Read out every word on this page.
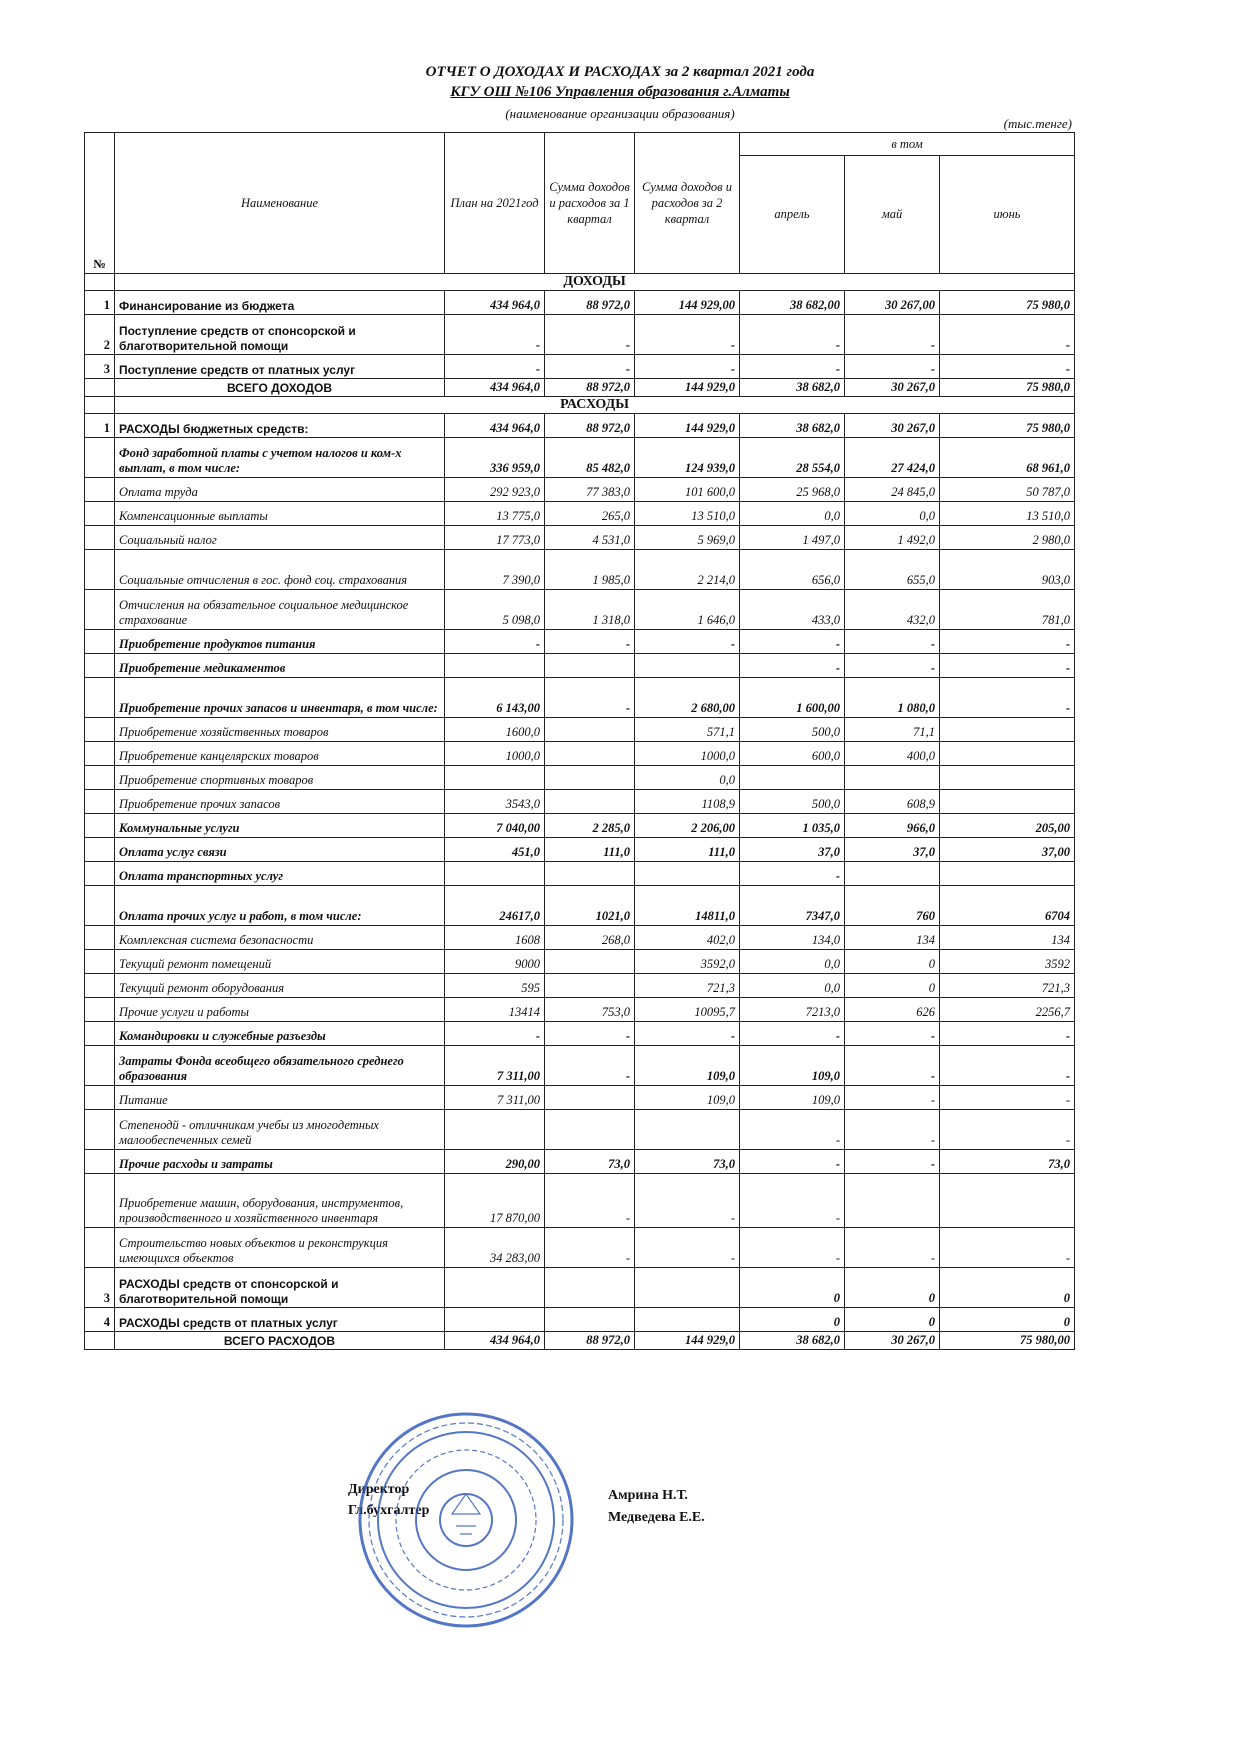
ОТЧЕТ О ДОХОДАХ И РАСХОДАХ за 2 квартал 2021 года
КГУ ОШ №106 Управления образования г.Алматы
(наименование организации образования)
(тыс.тенге)
№	Наименование	План на 2021год	Сумма доходов и расходов за 1 квартал	Сумма доходов и расходов за 2 квартал	в том		
					апрель	май	июнь
	ДОХОДЫ						
1	Финансирование из бюджета	434 964,0	88 972,0	144 929,00	38 682,00	30 267,00	75 980,0
2	Поступление средств от спонсорской и благотворительной помощи	-	-	-	-	-	-
3	Поступление средств от платных услуг	-	-	-	-	-	-
	ВСЕГО ДОХОДОВ	434 964,0	88 972,0	144 929,0	38 682,0	30 267,0	75 980,0
	РАСХОДЫ						
1	РАСХОДЫ бюджетных средств:	434 964,0	88 972,0	144 929,0	38 682,0	30 267,0	75 980,0
	Фонд заработной платы с учетом налогов и ком-х выплат, в том числе:	336 959,0	85 482,0	124 939,0	28 554,0	27 424,0	68 961,0
	Оплата труда	292 923,0	77 383,0	101 600,0	25 968,0	24 845,0	50 787,0
	Компенсационные выплаты	13 775,0	265,0	13 510,0	0,0	0,0	13 510,0
	Социальный налог	17 773,0	4 531,0	5 969,0	1 497,0	1 492,0	2 980,0
	Социальные отчисления в гос. фонд соц. страхования	7 390,0	1 985,0	2 214,0	656,0	655,0	903,0
	Отчисления на обязательное социальное медицинское страхование	5 098,0	1 318,0	1 646,0	433,0	432,0	781,0
	Приобретение продуктов питания	-	-	-	-	-	-
	Приобретение медикаментов				-	-	-
	Приобретение прочих запасов и инвентаря, в том числе:	6 143,00	-	2 680,00	1 600,00	1 080,0	-
	Приобретение хозяйственных товаров	1600,0		571,1	500,0	71,1	
	Приобретение канцелярских товаров	1000,0		1000,0	600,0	400,0	
	Приобретение спортивных товаров			0,0			
	Приобретение прочих запасов	3543,0		1108,9	500,0	608,9	
	Коммунальные услуги	7 040,00	2 285,0	2 206,00	1 035,0	966,0	205,00
	Оплата услуг связи	451,0	111,0	111,0	37,0	37,0	37,00
	Оплата транспортных услуг				-		
	Оплата прочих услуг и работ, в том числе:	24617,0	1021,0	14811,0	7347,0	760	6704
	Комплексная система безопасности	1608	268,0	402,0	134,0	134	134
	Текущий ремонт помещений	9000		3592,0	0,0	0	3592
	Текущий ремонт оборудования	595		721,3	0,0	0	721,3
	Прочие услуги и работы	13414	753,0	10095,7	7213,0	626	2256,7
	Командировки и служебные разъезды	-	-	-	-	-	-
	Затраты Фонда всеобщего обязательного среднего образования	7 311,00	-	109,0	109,0	-	-
	Питание	7 311,00		109,0	109,0	-	-
	Степенодй - отличникам учебы из многодетных малообеспеченных семей				-	-	-
	Прочие расходы и затраты	290,00	73,0	73,0	-	-	73,0
	Приобретение машин, оборудования, инструментов, производственного и хозяйственного инвентаря	17 870,00	-	-	-		
	Строительство новых объектов и реконструкция имеющихся объектов	34 283,00	-	-	-	-	-
3	РАСХОДЫ средств от спонсорской и благотворительной помощи				0	0	0
4	РАСХОДЫ средств от платных услуг				0	0	0
	ВСЕГО РАСХОДОВ	434 964,0	88 972,0	144 929,0	38 682,0	30 267,0	75 980,00
Директор
Гл.бухгалтер
Амрина Н.Т.
Медведева Е.Е.
